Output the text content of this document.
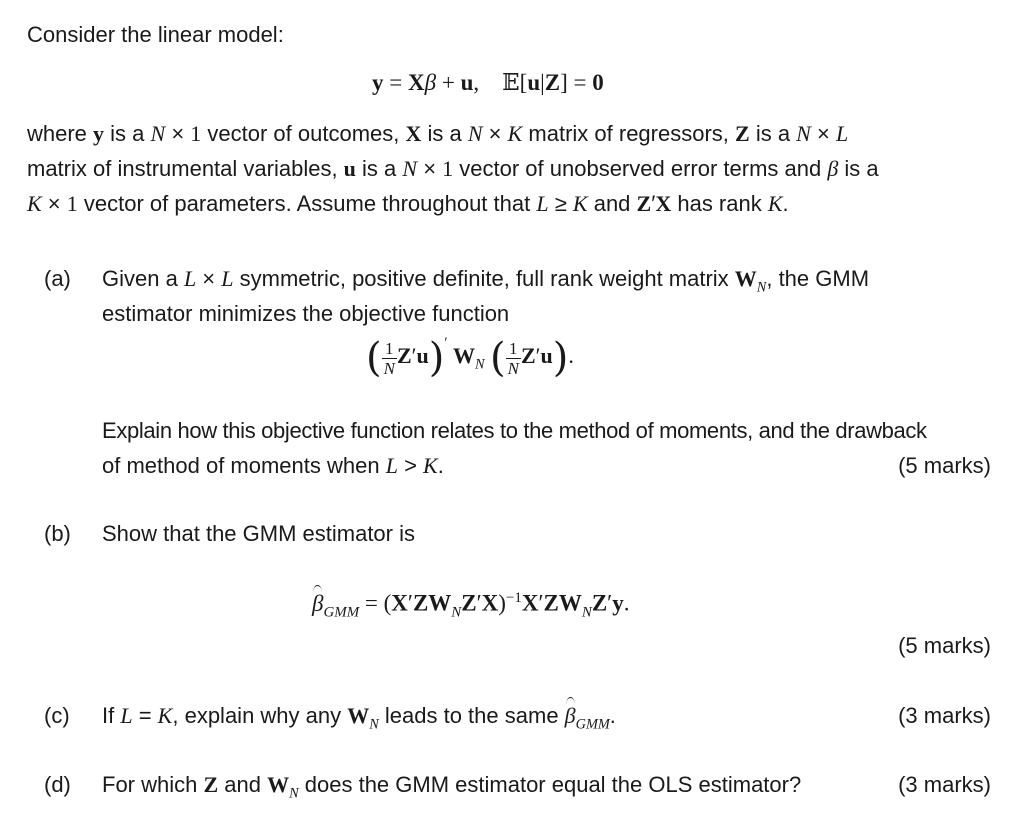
Consider the linear model:
y = Xβ + u,    𝔼[u|Z] = 0
where y is a N × 1 vector of outcomes, X is a N × K matrix of regressors, Z is a N × L
matrix of instrumental variables, u is a N × 1 vector of unobserved error terms and β is a
K × 1 vector of parameters. Assume throughout that L ≥ K and Z′X has rank K.
(a) Given a L × L symmetric, positive definite, full rank weight matrix $W_N$, the GMM
estimator minimizes the objective function
( $\frac{1}{N} Z'u)'$ $W_N$ ( $\frac{1}{N} Z'u$).
Explain how this objective function relates to the method of moments, and the drawback
of method of moments when L > K.	(5 marks)
(b) Show that the GMM estimator is
$\beta_{GMM} = (X'ZW_NZ'X)^{-1}X'ZW_NZ'y$.
(5 marks)
(c) If L = K, explain why any $W_N$ leads to the same $\beta_{GMM}$.	(3 marks)
(d) For which Z and $W_N$ does the GMM estimator equal the OLS estimator?	(3 marks)
